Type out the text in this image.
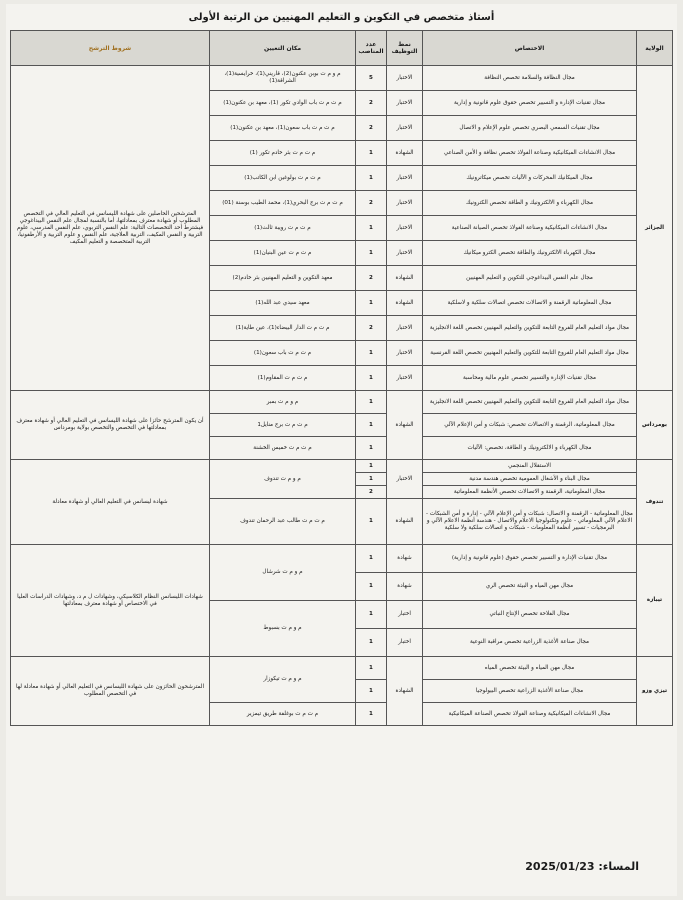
أستاذ متخصص في التكوين و التعليم المهنيين من الرتبة الأولى
الولاية	الاختصاص	نمط التوظيف	عدد المناصب	مكان التعيين	شروط الترشح
الجزائر	مجال النظافة والسلامة تخصص النظافة	الاختبار	5	م و م ت بوبن عكنون(2)، قاريني(1)، خرايسية(1)، الشراقة(1)	المترشحين الحاصلين على شهادة الليسانس في التعليم العالي في التخصص المطلوب أو شهادة معترف بمعادلتها، أما بالنسبة لمجال علم النفس البيداغوجي فيشترط أحد التخصصات التالية: علم النفس التربوي، علم النفس المدرسي، علوم التربية و النفس المكيف، التربية العلاجية، علم النفس و علوم التربية و الأرطفونيا، التربية المتخصصة و التعليم المكيف
	مجال تقنيات الإدارة و التسيير تخصص حقوق علوم قانونية و إدارية	الاختبار	2	م ت م ت باب الوادي تكور (1)، معهد بن عكنون(1)	
	مجال تقنيات السمعي البصري تخصص علوم الإعلام و الاتصال	الاختبار	2	م ت م ت باب سعون(1)، معهد بن عكنون(1)	
	مجال الانشاءات الميكانيكية وصناعة الفولاذ تخصص نظافة و الأمن الصناعي	الشهادة	1	م ت م ت بئر خادم تكور (1)	
	مجال الميكانيك المحركات و الآليات تخصص ميكاترونيك	الاختبار	1	م ت م ت بولوغين ابن الكاتب(1)	
	مجال الكهرباء و الالكترونيك و الطاقة تخصص الكترونيك	الاختبار	2	م ت م ت برج البحري(1)، محمد الطيب بوسنة (01)	
	مجال الانشاءات الميكانيكية وصناعة الفولاذ تخصص الصيانة الصناعية	الاختبار	1	م ت م ت رويبة ثالث(1)	
	مجال الكهرباء الالكترونيك والطاقة تخصص الكترو ميكانيك	الاختبار	1	م ت م ت عين البنيان(1)	
	مجال علم النفس البيداغوجي للتكوين و التعليم المهنيين	الشهادة	2	معهد التكوين و التعليم المهنيين بئر خادم(2)	
	مجال المعلوماتية الرقمنة و الاتصالات تخصص اتصالات سلكية و لاسلكية	الشهادة	1	معهد سيدي عبد الله(1)	
	مجال مواد التعليم العام للفروع التابعة للتكوين والتعليم المهنيين تخصص اللغة الانجليزية	الاختبار	2	م ت م ت الدار البيضاء(1)، عين طاية(1)	
	مجال مواد التعليم العام للفروع التابعة للتكوين والتعليم المهنيين تخصص اللغة الفرنسية	الاختبار	1	م ت م ت باب سعون(1)	
	مجال تقنيات الإدارة والتسيير تخصص علوم مالية ومحاسبة	الاختبار	1	م ت م ت المقاوم(1)	
بومرداس	مجال مواد التعليم العام للفروع التابعة للتكوين والتعليم المهنيين تخصص اللغة الانجليزية	الشهادة	1	م و م ت بمبر	أن يكون المترشح حائزا على شهادة الليسانس في التعليم العالي أو شهادة معترف بمعادلتها في التخصص والتخصص بولاية بومرداس
	مجال المعلوماتية، الرقمنة و الاتصالات تخصص: شبكات و أمن الإعلام الآلي		1	م ت م ت برج منايل1	
	مجال الكهرباء و الالكترونيك و الطاقة، تخصص: الآليات		1	م ت م ت خميس الخشنة	
تندوف	الاستقلال المنجمي	الاختبار	1	م و م ت تندوف	شهادة ليسانس في التعليم العالي أو شهادة معادلة
	مجال البناء و الأشغال العمومية تخصص هندسة مدنية		1		
	مجال المعلوماتية، الرقمنة و الاتصالات تخصص الأنظمة المعلوماتية		2		
	مجال المعلوماتية - الرقمنة و الاتصال: شبكات و أمن الإعلام الآلي - إدارة و أمن الشبكات - الاعلام الآلي المعلوماتي - علوم وتكنولوجيا الاعلام والاتصال - هندسة أنظمة الاعلام الآلي و البرمجيات - تسيير أنظمة المعلومات - شبكات و اتصالات سلكية ولا سلكية	الشهادة	1	م ت م ت طالب عبد الرحمان تندوف	
تيبازة	مجال تقنيات الإدارة و التسيير تخصص حقوق (علوم قانونية و إدارية)	شهادة	1	م و م ت شرشال	شهادات الليسانس النظام الكلاسيكي، وشهادات ل م د، وشهادات الدراسات العليا في الاختصاص أو شهادة معترف بمعادلتها
	مجال مهن المياه و البيئة تخصص الري	شهادة	1		
	مجال الفلاحة تخصص الإنتاج النباتي	اختبار	1	م و م ت بسبوط	
	مجال صناعة الأغذية الزراعية تخصص مراقبة النوعية	اختبار	1		
تيزي وزو	مجال مهن المياه و البيئة تخصص المياه	الشهادة	1	م و م ت تيكوزار	المترشحون الحائزون على شهادة الليسانس في التعليم العالي أو شهادة معادلة لها في التخصص المطلوب
	مجال صناعة الأغذية الزراعية تخصص البيولوجيا		1		
	مجال الانشاءات الميكانيكية وصناعة الفولاذ تخصص الصناعة الميكانيكية		1	م ت م ت بوغلفة طريق تيمزير	
المساء: 2025/01/23
